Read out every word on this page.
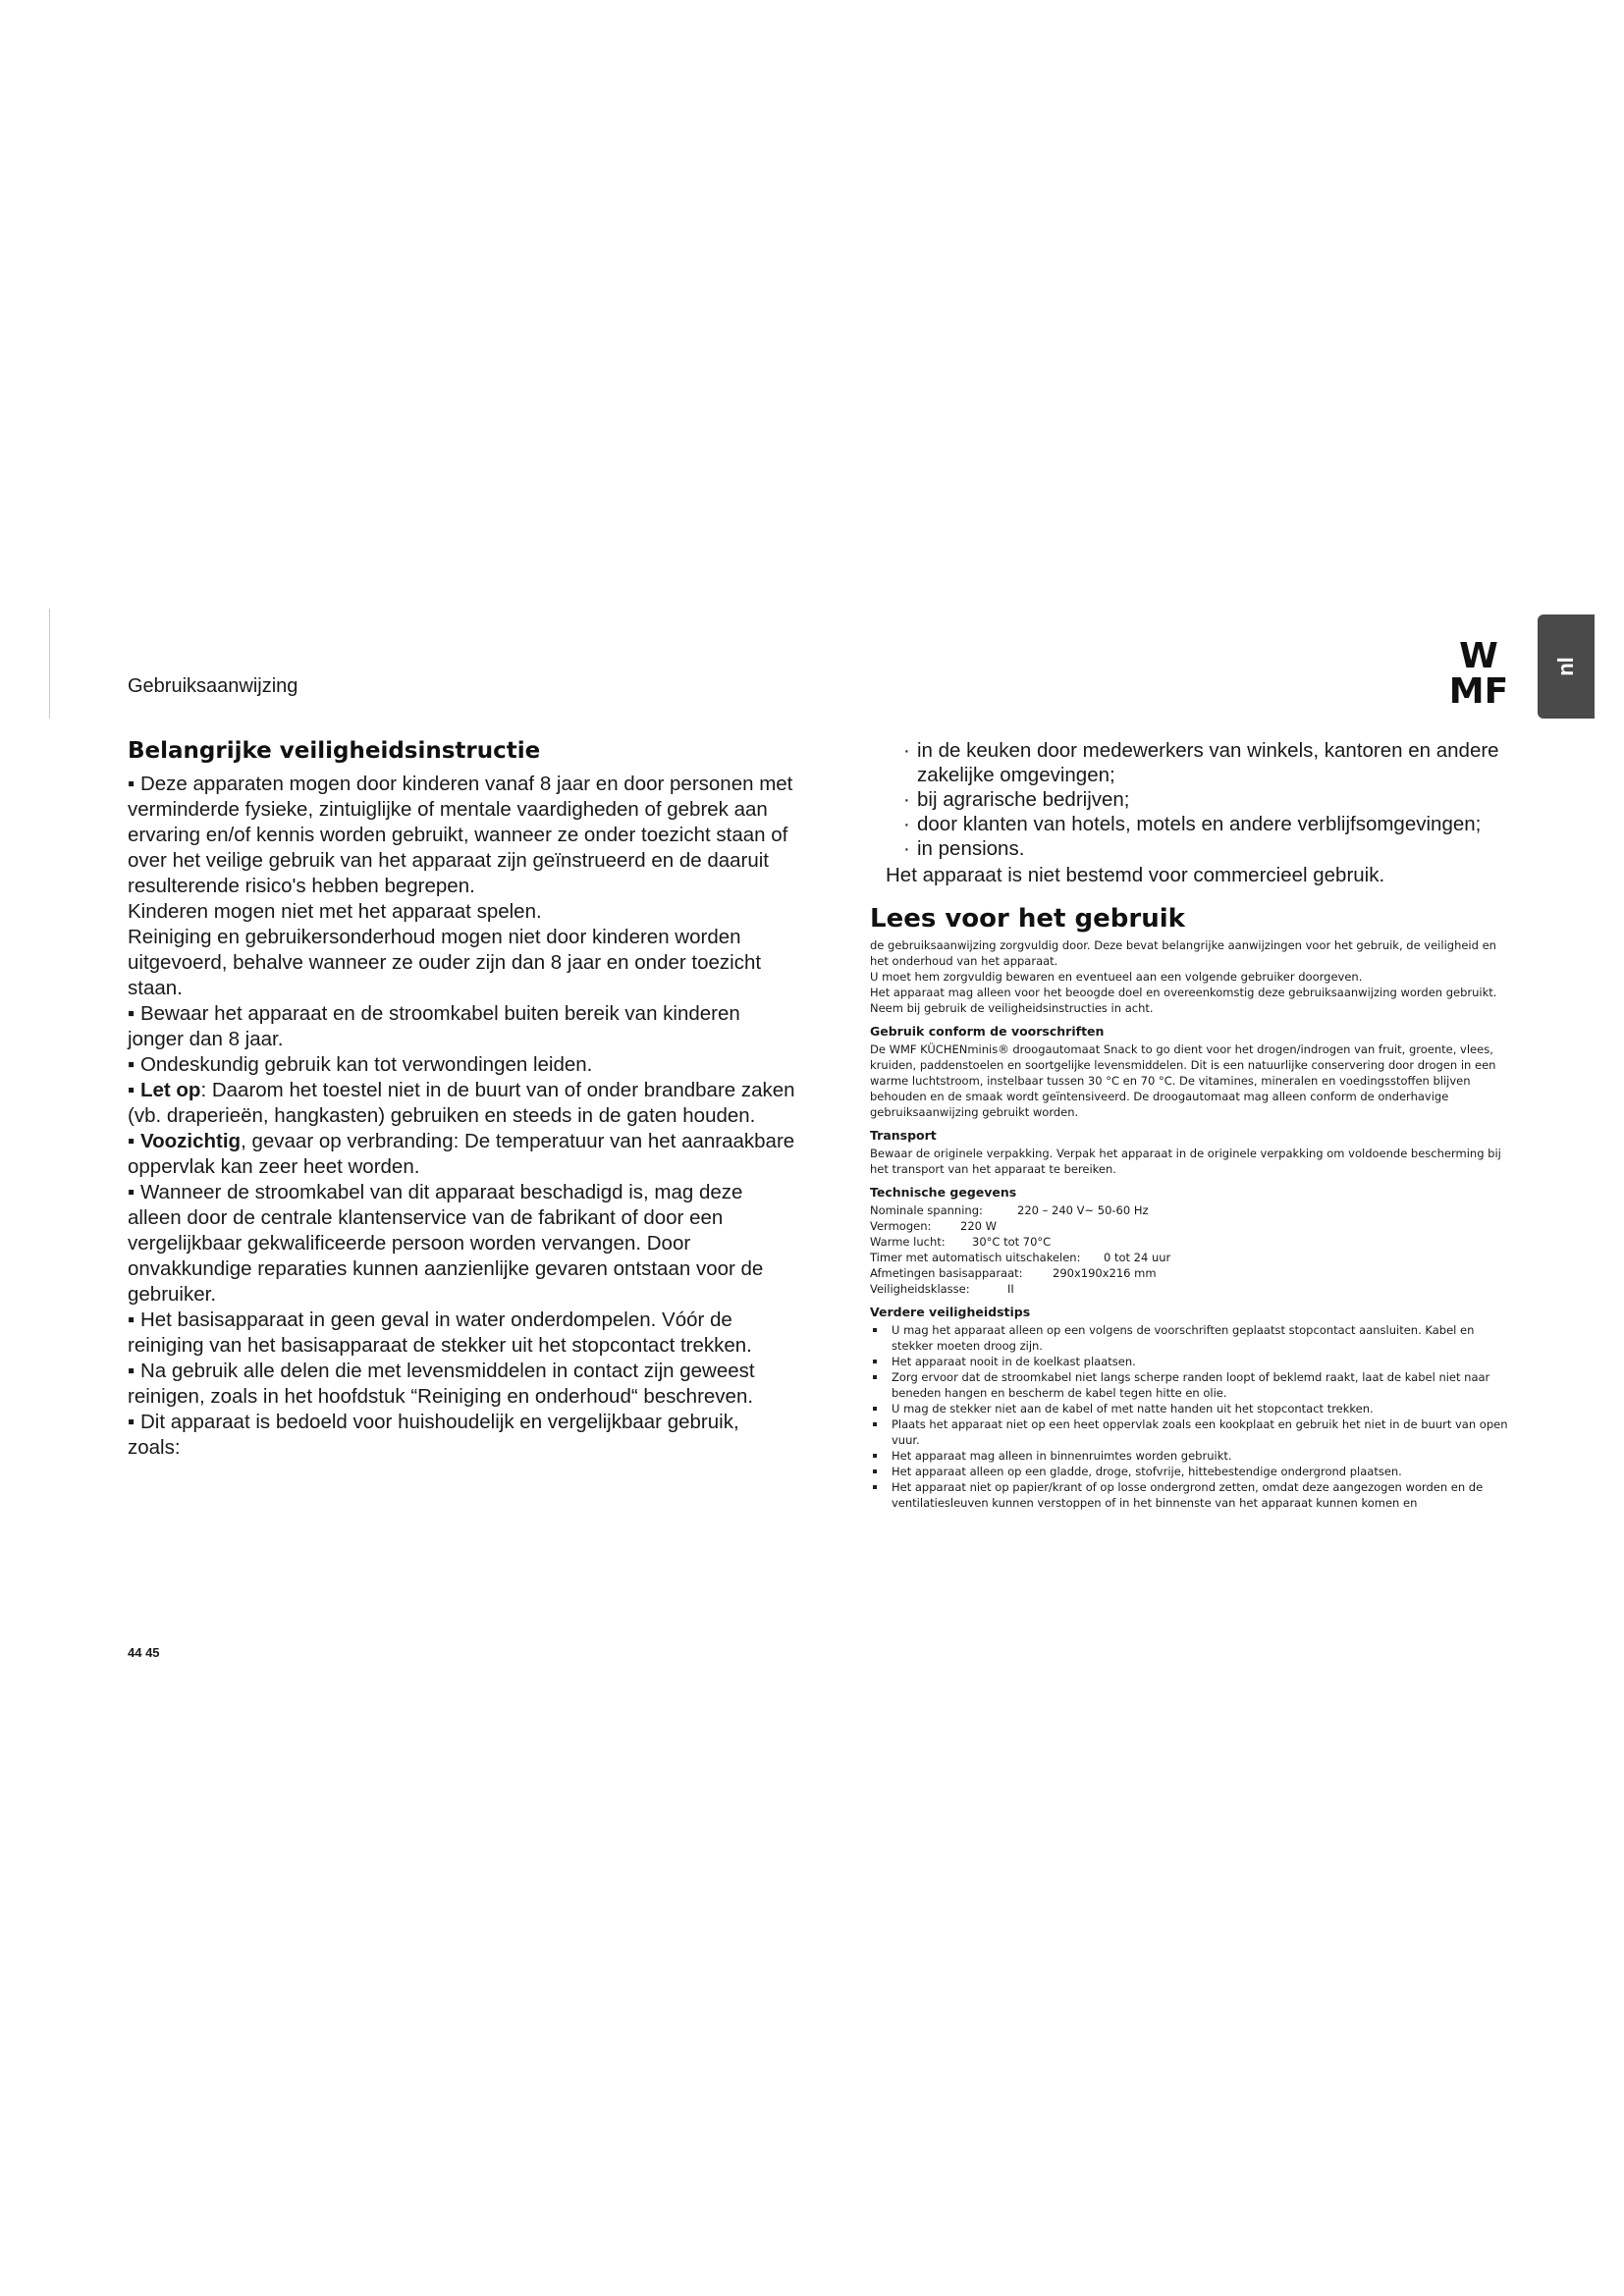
Gebruiksaanwijzing
W
MF
nl
Belangrijke veiligheidsinstructie

▪ Deze apparaten mogen door kinderen vanaf 8 jaar en door personen met verminderde fysieke, zintuiglijke of mentale vaardigheden of gebrek aan ervaring en/of kennis worden gebruikt, wanneer ze onder toezicht staan of over het veilige gebruik van het apparaat zijn geïnstrueerd en de daaruit resulterende risico's hebben begrepen.

Kinderen mogen niet met het apparaat spelen.

Reiniging en gebruikersonderhoud mogen niet door kinderen worden uitgevoerd, behalve wanneer ze ouder zijn dan 8 jaar en onder toezicht staan.

▪ Bewaar het apparaat en de stroomkabel buiten bereik van kinderen jonger dan 8 jaar.

▪ Ondeskundig gebruik kan tot verwondingen leiden.

▪ Let op: Daarom het toestel niet in de buurt van of onder brandbare zaken (vb. draperieën, hangkasten) gebruiken en steeds in de gaten houden.

▪ Voozichtig, gevaar op verbranding: De temperatuur van het aanraakbare oppervlak kan zeer heet worden.

▪ Wanneer de stroomkabel van dit apparaat beschadigd is, mag deze alleen door de centrale klantenservice van de fabrikant of door een vergelijkbaar gekwalificeerde persoon worden vervangen. Door onvakkundige reparaties kunnen aanzienlijke gevaren ontstaan voor de gebruiker.

▪ Het basisapparaat in geen geval in water onderdompelen. Vóór de reiniging van het basisapparaat de stekker uit het stopcontact trekken.

▪ Na gebruik alle delen die met levensmiddelen in contact zijn geweest reinigen, zoals in het hoofdstuk “Reiniging en onderhoud“ beschreven.

▪ Dit apparaat is bedoeld voor huishoudelijk en vergelijkbaar gebruik, zoals:

· in de keuken door medewerkers van winkels, kantoren en andere zakelijke omgevingen;
· bij agrarische bedrijven;
· door klanten van hotels, motels en andere verblijfsomgevingen;
· in pensions.

Het apparaat is niet bestemd voor commercieel gebruik.

Lees voor het gebruik

de gebruiksaanwijzing zorgvuldig door. Deze bevat belangrijke aanwijzingen voor het gebruik, de veiligheid en het onderhoud van het apparaat.

U moet hem zorgvuldig bewaren en eventueel aan een volgende gebruiker doorgeven.

Het apparaat mag alleen voor het beoogde doel en overeenkomstig deze gebruiksaanwijzing worden gebruikt.

Neem bij gebruik de veiligheidsinstructies in acht.

Gebruik conform de voorschriften

De WMF KÜCHENminis® droogautomaat Snack to go dient voor het drogen/indrogen van fruit, groente, vlees, kruiden, paddenstoelen en soortgelijke levensmiddelen. Dit is een natuurlijke conservering door drogen in een warme luchtstroom, instelbaar tussen 30 °C en 70 °C. De vitamines, mineralen en voedingsstoffen blijven behouden en de smaak wordt geïntensiveerd. De droogautomaat mag alleen conform de onderhavige gebruiksaanwijzing gebruikt worden.

Transport

Bewaar de originele verpakking. Verpak het apparaat in de originele verpakking om voldoende bescherming bij het transport van het apparaat te bereiken.

Technische gegevens
Nominale spanning:	220 – 240 V~ 50-60 Hz
Vermogen:	220 W
Warme lucht:	30°C tot 70°C
Timer met automatisch uitschakelen:	0 tot 24 uur
Afmetingen basisapparaat:	290x190x216 mm
Veiligheidsklasse:	II
Verdere veiligheidstips
U mag het apparaat alleen op een volgens de voorschriften geplaatst stopcontact aansluiten. Kabel en stekker moeten droog zijn.
Het apparaat nooit in de koelkast plaatsen.
Zorg ervoor dat de stroomkabel niet langs scherpe randen loopt of beklemd raakt, laat de kabel niet naar beneden hangen en bescherm de kabel tegen hitte en olie.
U mag de stekker niet aan de kabel of met natte handen uit het stopcontact trekken.
Plaats het apparaat niet op een heet oppervlak zoals een kookplaat en gebruik het niet in de buurt van open vuur.
Het apparaat mag alleen in binnenruimtes worden gebruikt.
Het apparaat alleen op een gladde, droge, stofvrije, hittebestendige ondergrond plaatsen.
Het apparaat niet op papier/krant of op losse ondergrond zetten, omdat deze aangezogen worden en de ventilatiesleuven kunnen verstoppen of in het binnenste van het apparaat kunnen komen en
44 45
